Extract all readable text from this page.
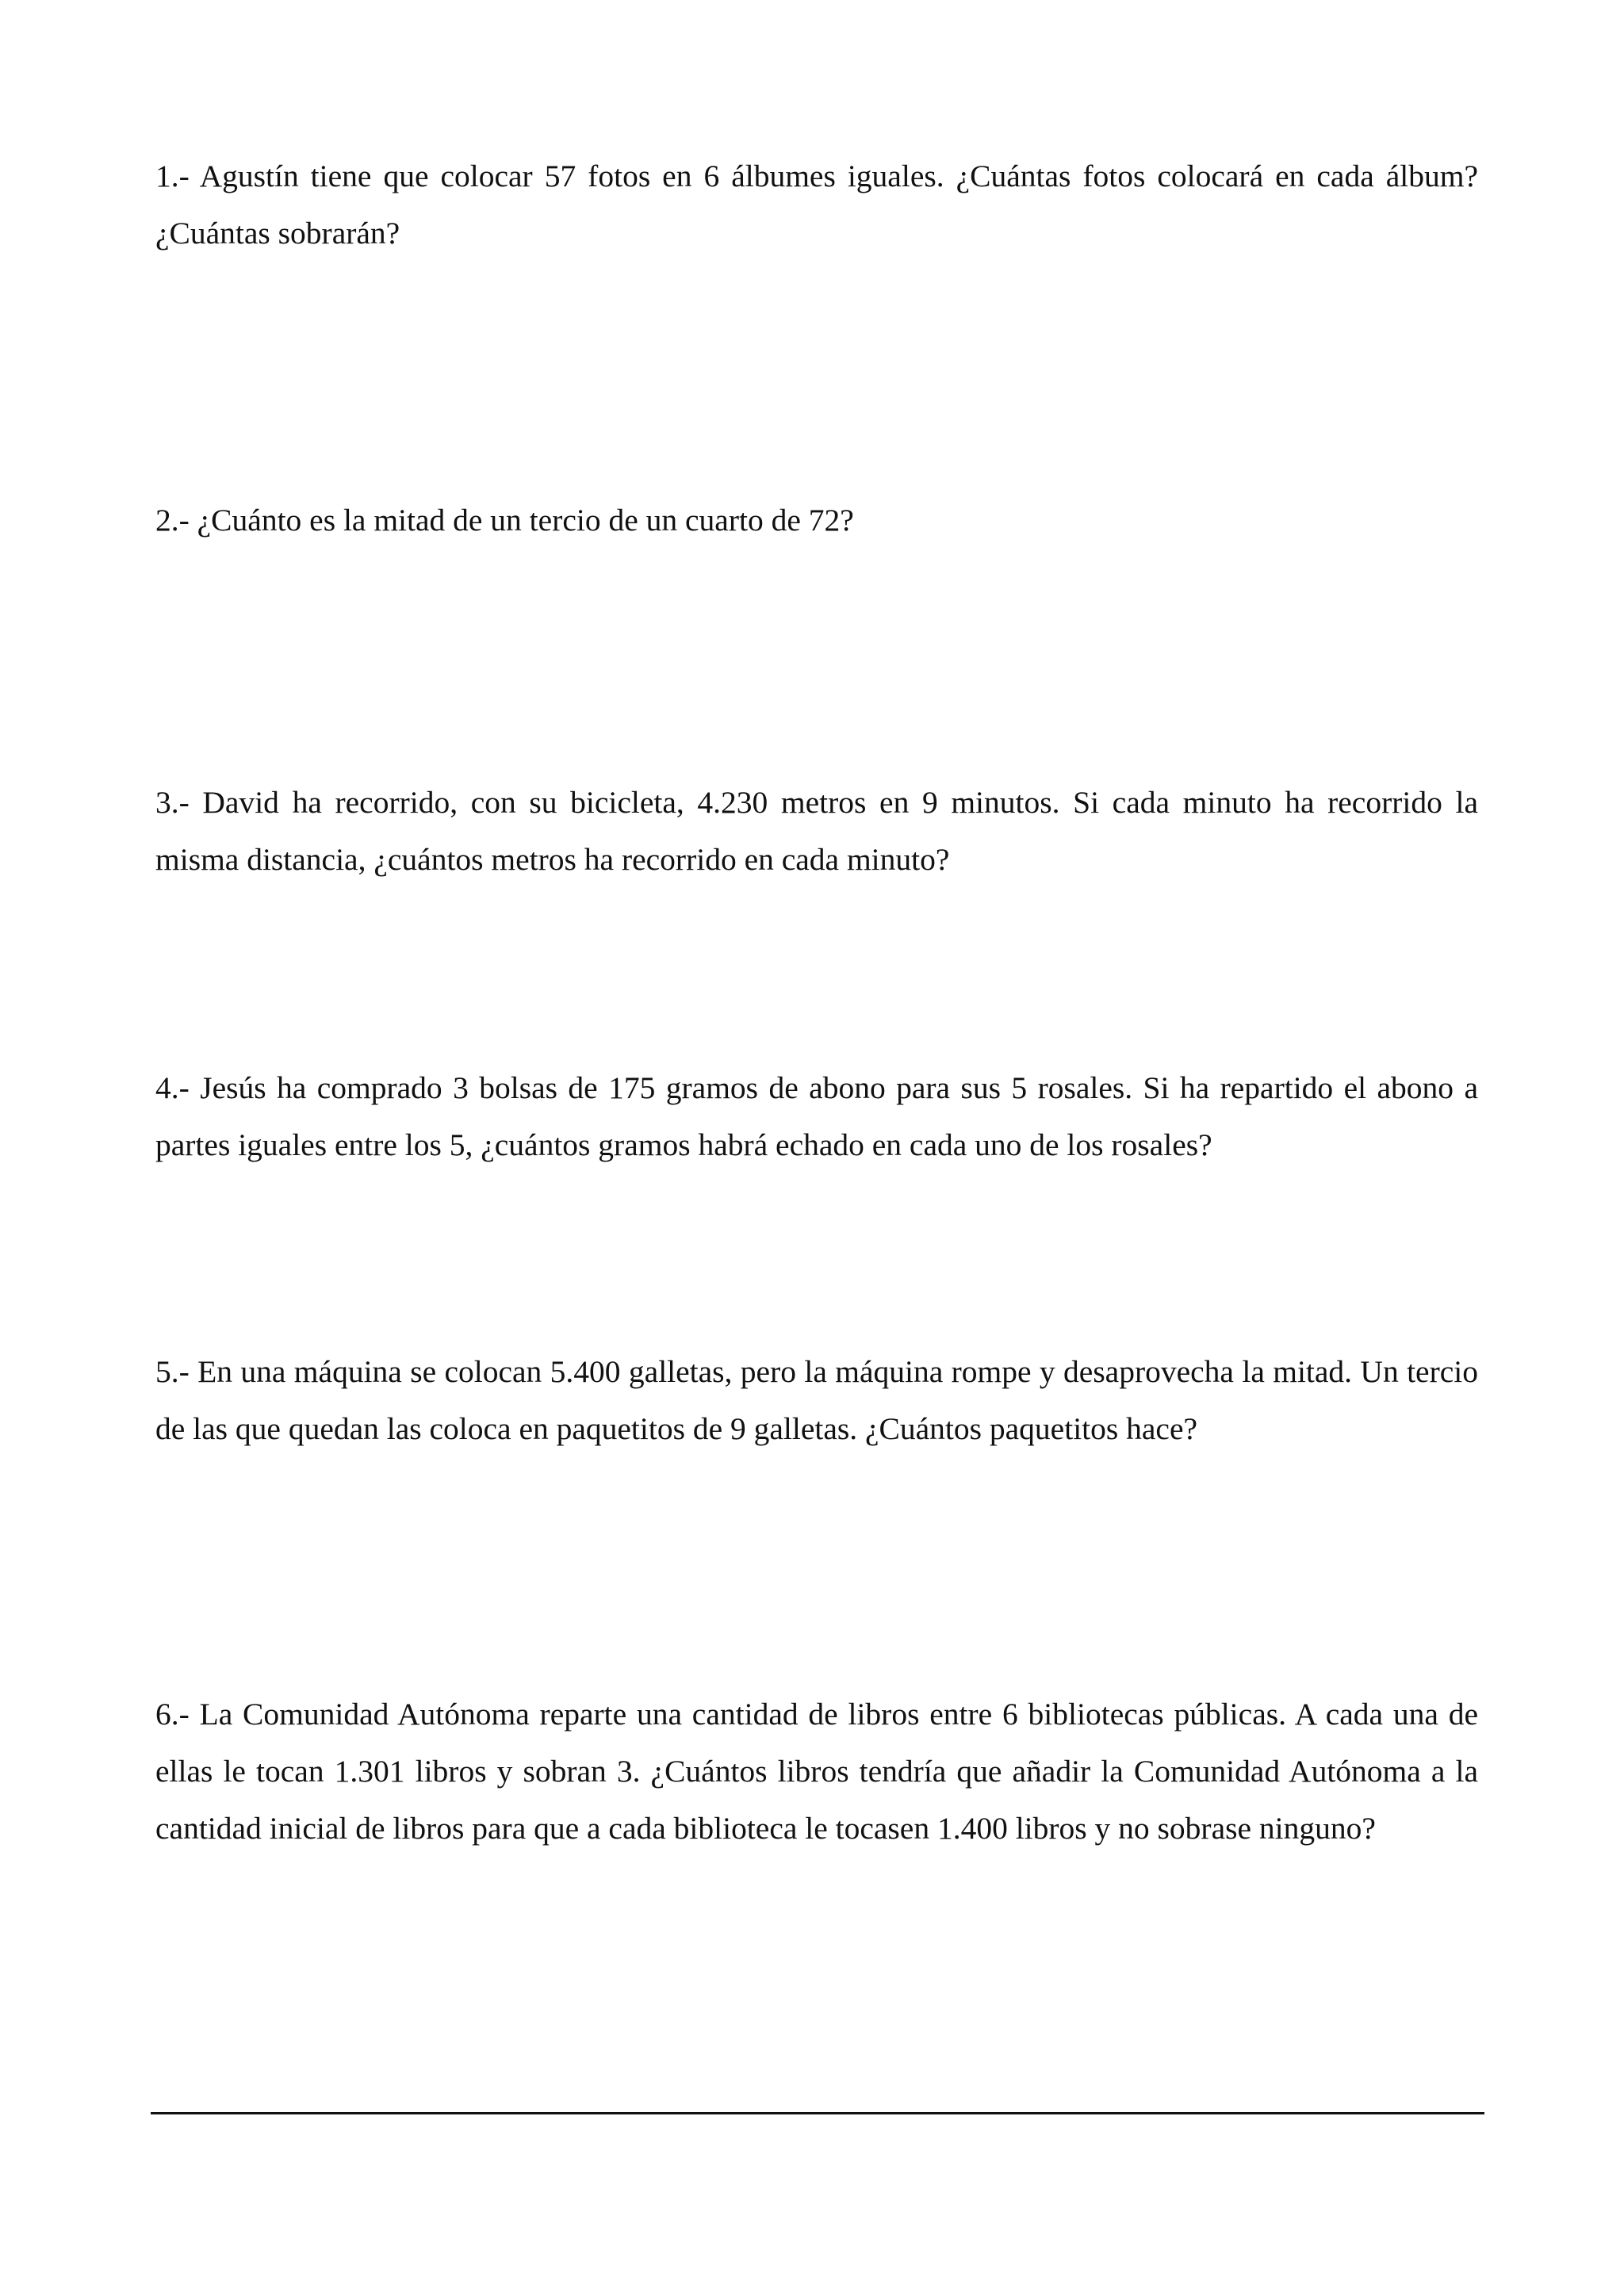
1.- Agustín tiene que colocar 57 fotos en 6 álbumes iguales. ¿Cuántas fotos colocará en cada álbum? ¿Cuántas sobrarán?

2.- ¿Cuánto es la mitad de un tercio de un cuarto de 72?

3.- David ha recorrido, con su bicicleta, 4.230 metros en 9 minutos. Si cada minuto ha recorrido la misma distancia, ¿cuántos metros ha recorrido en cada minuto?

4.- Jesús ha comprado 3 bolsas de 175 gramos de abono para sus 5 rosales. Si ha repartido el abono a partes iguales entre los 5, ¿cuántos gramos habrá echado en cada uno de los rosales?

5.- En una máquina se colocan 5.400 galletas, pero la máquina rompe y desaprovecha la mitad. Un tercio de las que quedan las coloca en paquetitos de 9 galletas. ¿Cuántos paquetitos hace?

6.- La Comunidad Autónoma reparte una cantidad de libros entre 6 bibliotecas públicas. A cada una de ellas le tocan 1.301 libros y sobran 3. ¿Cuántos libros tendría que añadir la Comunidad Autónoma a la cantidad inicial de libros para que a cada biblioteca le tocasen 1.400 libros y no sobrase ninguno?
